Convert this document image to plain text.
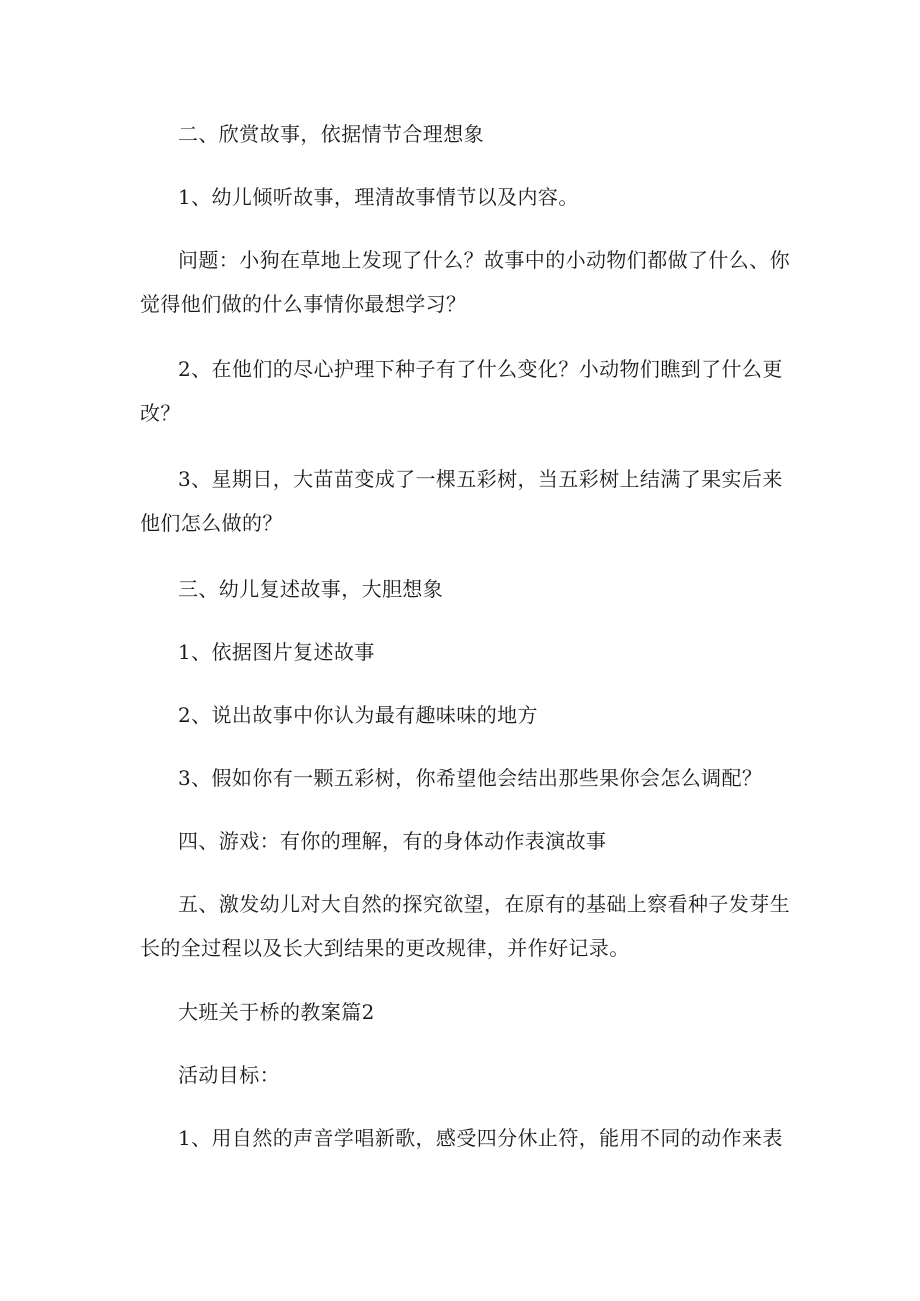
二、欣赏故事，依据情节合理想象

1、幼儿倾听故事，理清故事情节以及内容。

问题：小狗在草地上发现了什么？故事中的小动物们都做了什么、你
觉得他们做的什么事情你最想学习？

2、在他们的尽心护理下种子有了什么变化？小动物们瞧到了什么更
改？

3、星期日，大苗苗变成了一棵五彩树，当五彩树上结满了果实后来
他们怎么做的？

三、幼儿复述故事，大胆想象

1、依据图片复述故事

2、说出故事中你认为最有趣味味的地方

3、假如你有一颗五彩树，你希望他会结出那些果你会怎么调配？

四、游戏：有你的理解，有的身体动作表演故事

五、激发幼儿对大自然的探究欲望，在原有的基础上察看种子发芽生
长的全过程以及长大到结果的更改规律，并作好记录。

大班关于桥的教案篇2

活动目标：

1、用自然的声音学唱新歌，感受四分休止符，能用不同的动作来表
